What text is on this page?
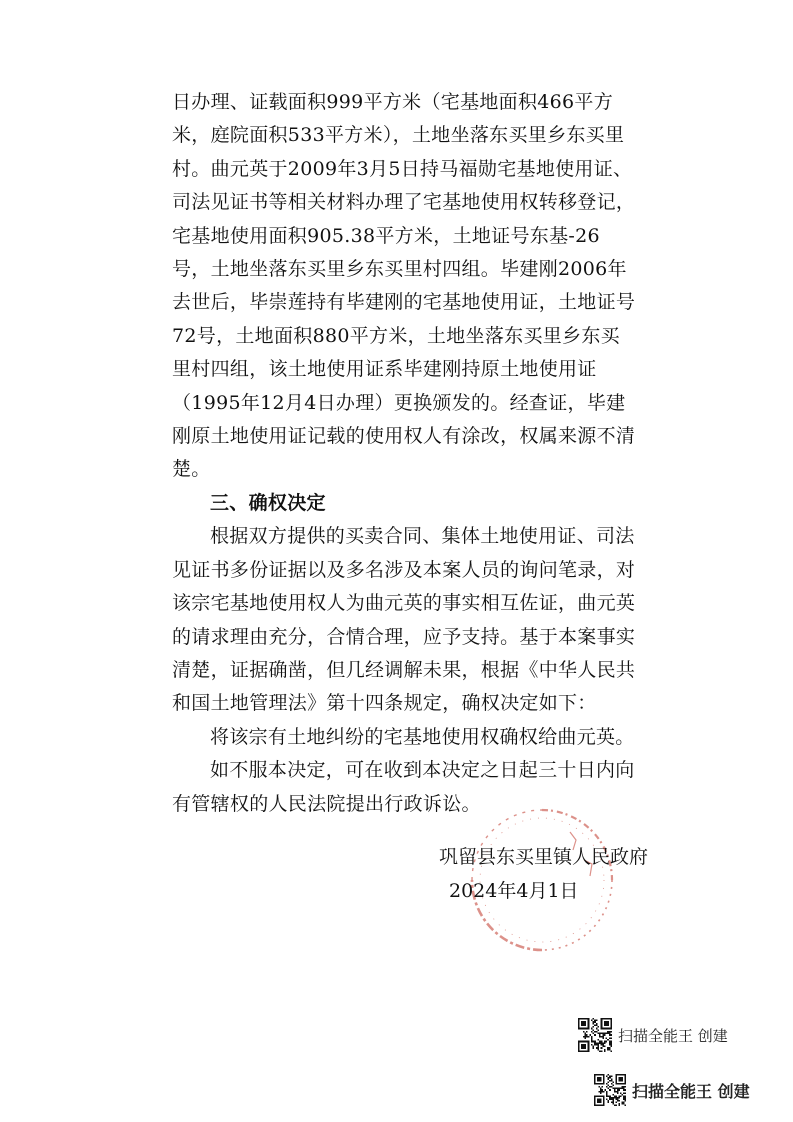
日办理、证载面积999平方米（宅基地面积466平方米，庭院面积533平方米），土地坐落东买里乡东买里村。曲元英于2009年3月5日持马福勋宅基地使用证、司法见证书等相关材料办理了宅基地使用权转移登记，宅基地使用面积905.38平方米，土地证号东基-26号，土地坐落东买里乡东买里村四组。毕建刚2006年去世后，毕崇莲持有毕建刚的宅基地使用证，土地证号72号，土地面积880平方米，土地坐落东买里乡东买里村四组，该土地使用证系毕建刚持原土地使用证（1995年12月4日办理）更换颁发的。经查证，毕建刚原土地使用证记载的使用权人有涂改，权属来源不清楚。

三、确权决定

根据双方提供的买卖合同、集体土地使用证、司法见证书多份证据以及多名涉及本案人员的询问笔录，对该宗宅基地使用权人为曲元英的事实相互佐证，曲元英的请求理由充分，合情合理，应予支持。基于本案事实清楚，证据确凿，但几经调解未果，根据《中华人民共和国土地管理法》第十四条规定，确权决定如下：

将该宗有土地纠纷的宅基地使用权确权给曲元英。

如不服本决定，可在收到本决定之日起三十日内向有管辖权的人民法院提出行政诉讼。

巩留县东买里镇人民政府
2024年4月1日
扫描全能王 创建
扫描全能王 创建
